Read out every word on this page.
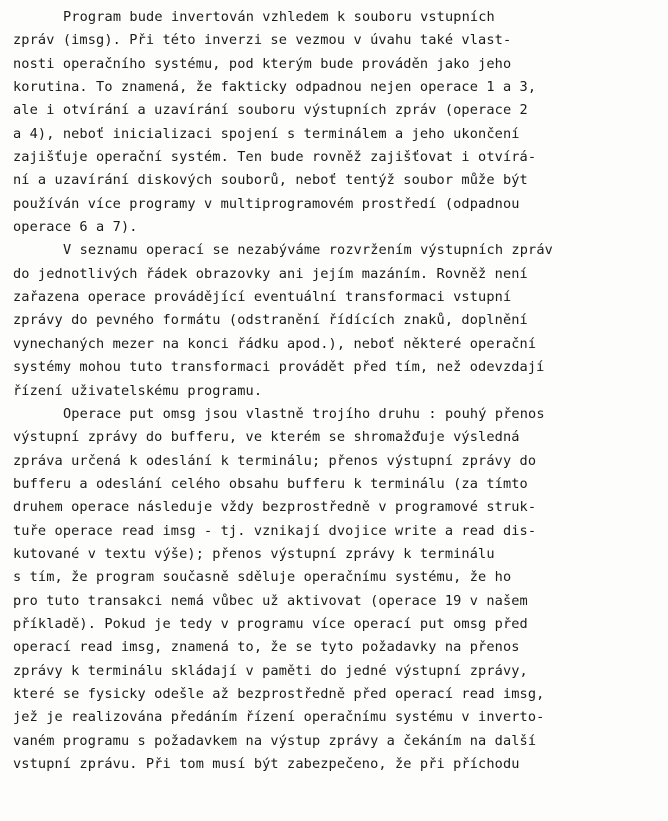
Program bude invertován vzhledem k souboru vstupních
zpráv (imsg). Při této inverzi se vezmou v úvahu také vlast-
nosti operačního systému, pod kterým bude prováděn jako jeho
korutina. To znamená, že fakticky odpadnou nejen operace 1 a 3,
ale i otvírání a uzavírání souboru výstupních zpráv (operace 2
a 4), neboť inicializaci spojení s terminálem a jeho ukončení
zajišťuje operační systém. Ten bude rovněž zajišťovat i otvírá-
ní a uzavírání diskových souborů, neboť tentýž soubor může být
používán více programy v multiprogramovém prostředí (odpadnou
operace 6 a 7).
V seznamu operací se nezabýváme rozvržením výstupních zpráv
do jednotlivých řádek obrazovky ani jejím mazáním. Rovněž není
zařazena operace provádějící eventuální transformaci vstupní
zprávy do pevného formátu (odstranění řídících znaků, doplnění
vynechaných mezer na konci řádku apod.), neboť některé operační
systémy mohou tuto transformaci provádět před tím, než odevzdají
řízení uživatelskému programu.
Operace put omsg jsou vlastně trojího druhu : pouhý přenos
výstupní zprávy do bufferu, ve kterém se shromažďuje výsledná
zpráva určená k odeslání k terminálu; přenos výstupní zprávy do
bufferu a odeslání celého obsahu bufferu k terminálu (za tímto
druhem operace následuje vždy bezprostředně v programové struk-
tuře operace read imsg - tj. vznikají dvojice write a read dis-
kutované v textu výše); přenos výstupní zprávy k terminálu
s tím, že program současně sděluje operačnímu systému, že ho
pro tuto transakci nemá vůbec už aktivovat (operace 19 v našem
příkladě). Pokud je tedy v programu více operací put omsg před
operací read imsg, znamená to, že se tyto požadavky na přenos
zprávy k terminálu skládají v paměti do jedné výstupní zprávy,
které se fysicky odešle až bezprostředně před operací read imsg,
jež je realizována předáním řízení operačnímu systému v inverto-
vaném programu s požadavkem na výstup zprávy a čekáním na další
vstupní zprávu. Při tom musí být zabezpečeno, že při příchodu
